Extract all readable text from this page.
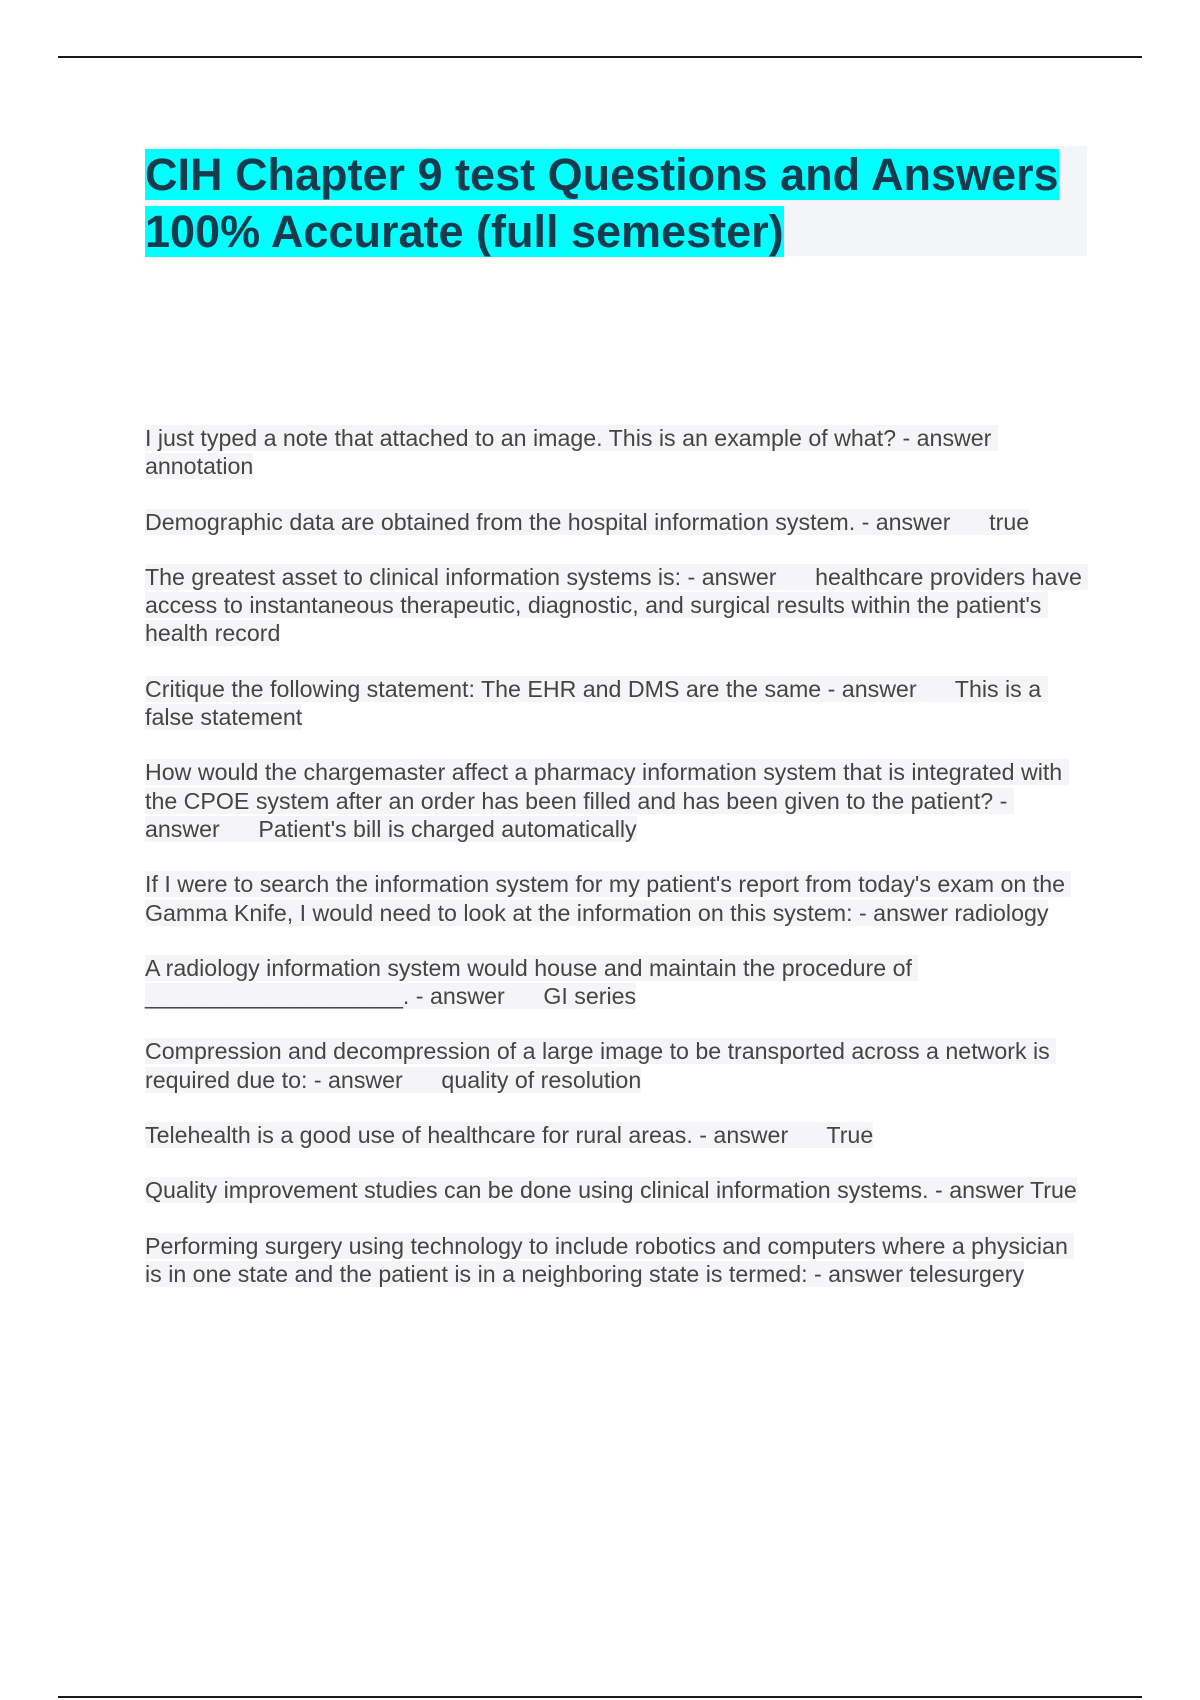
CIH Chapter 9 test Questions and Answers 100% Accurate (full semester)

I just typed a note that attached to an image. This is an example of what? - answer annotation

Demographic data are obtained from the hospital information system. - answer      true

The greatest asset to clinical information systems is: - answer      healthcare providers have access to instantaneous therapeutic, diagnostic, and surgical results within the patient's health record

Critique the following statement: The EHR and DMS are the same - answer      This is a false statement

How would the chargemaster affect a pharmacy information system that is integrated with the CPOE system after an order has been filled and has been given to the patient? - answer      Patient's bill is charged automatically

If I were to search the information system for my patient's report from today's exam on the Gamma Knife, I would need to look at the information on this system: - answer radiology

A radiology information system would house and maintain the procedure of ____________________. - answer      GI series

Compression and decompression of a large image to be transported across a network is required due to: - answer      quality of resolution

Telehealth is a good use of healthcare for rural areas. - answer      True

Quality improvement studies can be done using clinical information systems. - answer True

Performing surgery using technology to include robotics and computers where a physician is in one state and the patient is in a neighboring state is termed: - answer telesurgery
